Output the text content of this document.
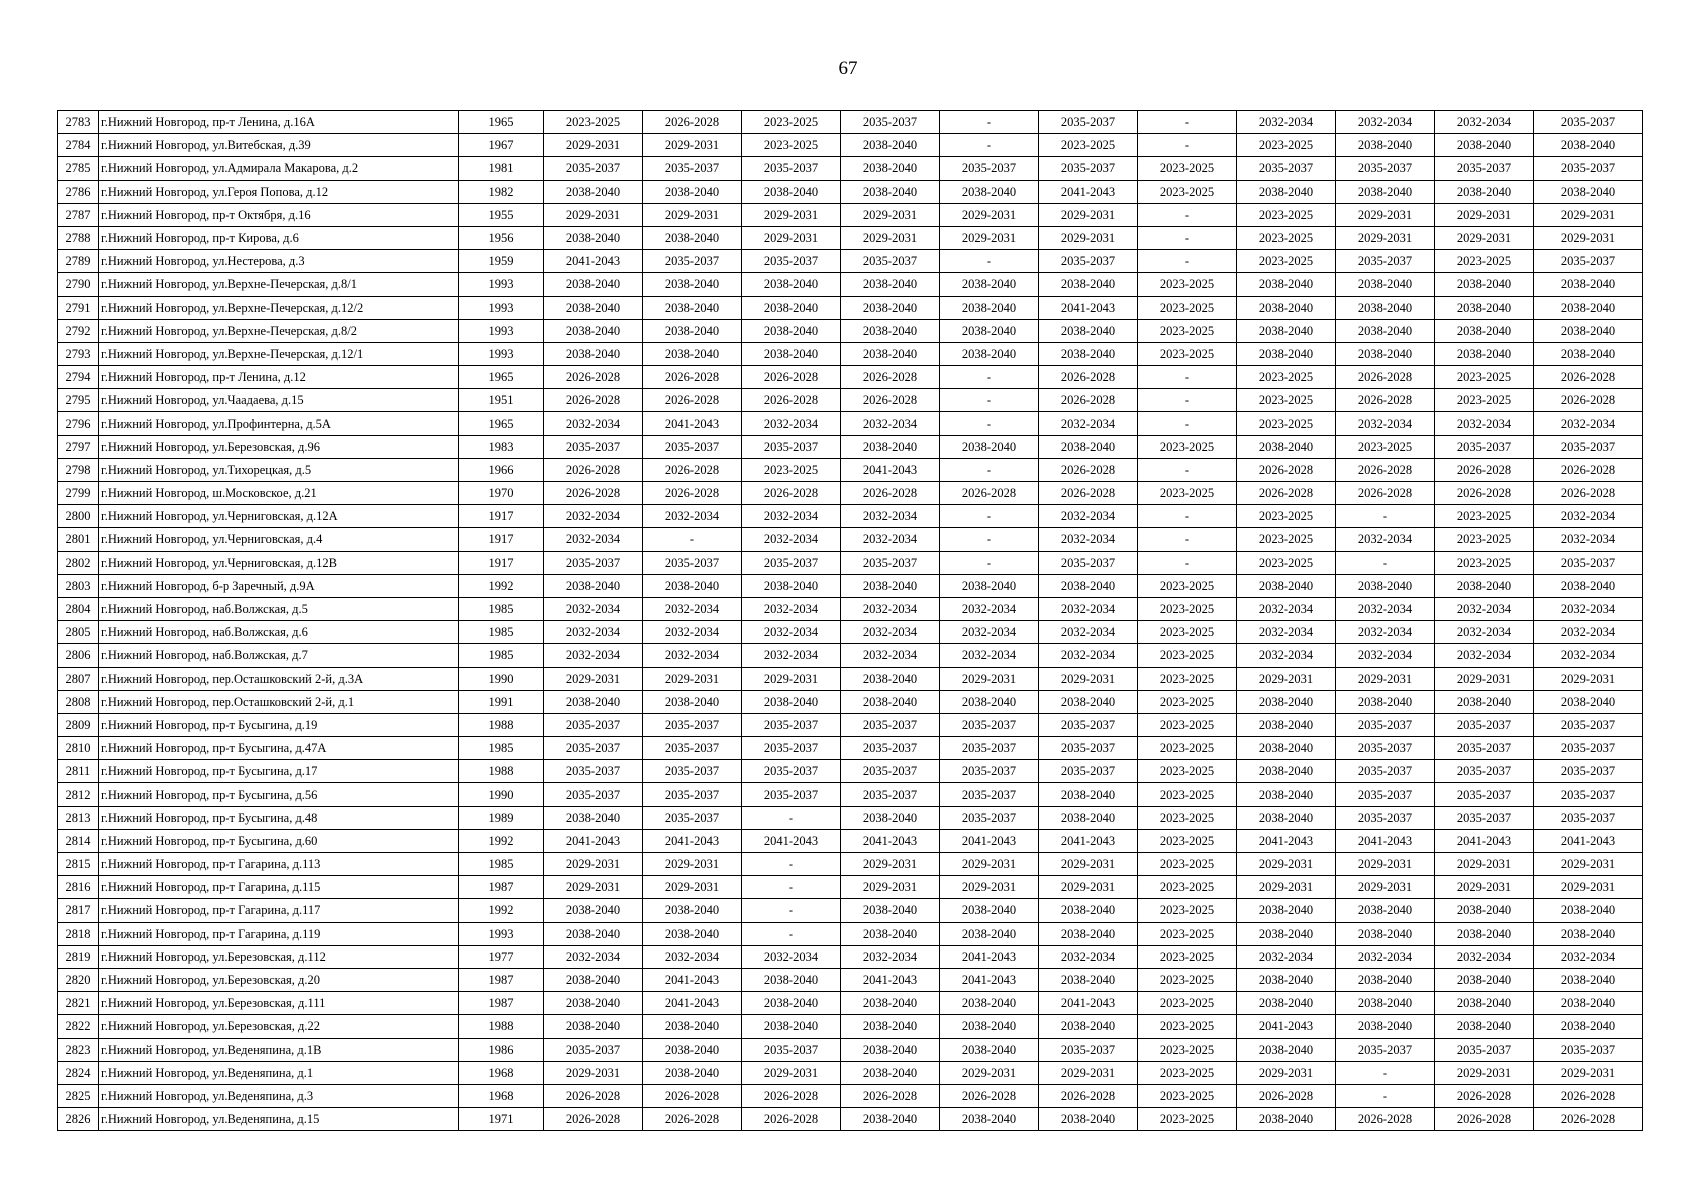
67
2783	г.Нижний Новгород, пр-т Ленина, д.16А	1965	2023-2025	2026-2028	2023-2025	2035-2037	-	2035-2037	-	2032-2034	2032-2034	2032-2034	2035-2037
2784	г.Нижний Новгород, ул.Витебская, д.39	1967	2029-2031	2029-2031	2023-2025	2038-2040	-	2023-2025	-	2023-2025	2038-2040	2038-2040	2038-2040
2785	г.Нижний Новгород, ул.Адмирала Макарова, д.2	1981	2035-2037	2035-2037	2035-2037	2038-2040	2035-2037	2035-2037	2023-2025	2035-2037	2035-2037	2035-2037	2035-2037
2786	г.Нижний Новгород, ул.Героя Попова, д.12	1982	2038-2040	2038-2040	2038-2040	2038-2040	2038-2040	2041-2043	2023-2025	2038-2040	2038-2040	2038-2040	2038-2040
2787	г.Нижний Новгород, пр-т Октября, д.16	1955	2029-2031	2029-2031	2029-2031	2029-2031	2029-2031	2029-2031	-	2023-2025	2029-2031	2029-2031	2029-2031
2788	г.Нижний Новгород, пр-т Кирова, д.6	1956	2038-2040	2038-2040	2029-2031	2029-2031	2029-2031	2029-2031	-	2023-2025	2029-2031	2029-2031	2029-2031
2789	г.Нижний Новгород, ул.Нестерова, д.3	1959	2041-2043	2035-2037	2035-2037	2035-2037	-	2035-2037	-	2023-2025	2035-2037	2023-2025	2035-2037
2790	г.Нижний Новгород, ул.Верхне-Печерская, д.8/1	1993	2038-2040	2038-2040	2038-2040	2038-2040	2038-2040	2038-2040	2023-2025	2038-2040	2038-2040	2038-2040	2038-2040
2791	г.Нижний Новгород, ул.Верхне-Печерская, д.12/2	1993	2038-2040	2038-2040	2038-2040	2038-2040	2038-2040	2041-2043	2023-2025	2038-2040	2038-2040	2038-2040	2038-2040
2792	г.Нижний Новгород, ул.Верхне-Печерская, д.8/2	1993	2038-2040	2038-2040	2038-2040	2038-2040	2038-2040	2038-2040	2023-2025	2038-2040	2038-2040	2038-2040	2038-2040
2793	г.Нижний Новгород, ул.Верхне-Печерская, д.12/1	1993	2038-2040	2038-2040	2038-2040	2038-2040	2038-2040	2038-2040	2023-2025	2038-2040	2038-2040	2038-2040	2038-2040
2794	г.Нижний Новгород, пр-т Ленина, д.12	1965	2026-2028	2026-2028	2026-2028	2026-2028	-	2026-2028	-	2023-2025	2026-2028	2023-2025	2026-2028
2795	г.Нижний Новгород, ул.Чаадаева, д.15	1951	2026-2028	2026-2028	2026-2028	2026-2028	-	2026-2028	-	2023-2025	2026-2028	2023-2025	2026-2028
2796	г.Нижний Новгород, ул.Профинтерна, д.5А	1965	2032-2034	2041-2043	2032-2034	2032-2034	-	2032-2034	-	2023-2025	2032-2034	2032-2034	2032-2034
2797	г.Нижний Новгород, ул.Березовская, д.96	1983	2035-2037	2035-2037	2035-2037	2038-2040	2038-2040	2038-2040	2023-2025	2038-2040	2023-2025	2035-2037	2035-2037
2798	г.Нижний Новгород, ул.Тихорецкая, д.5	1966	2026-2028	2026-2028	2023-2025	2041-2043	-	2026-2028	-	2026-2028	2026-2028	2026-2028	2026-2028
2799	г.Нижний Новгород, ш.Московское, д.21	1970	2026-2028	2026-2028	2026-2028	2026-2028	2026-2028	2026-2028	2023-2025	2026-2028	2026-2028	2026-2028	2026-2028
2800	г.Нижний Новгород, ул.Черниговская, д.12А	1917	2032-2034	2032-2034	2032-2034	2032-2034	-	2032-2034	-	2023-2025	-	2023-2025	2032-2034
2801	г.Нижний Новгород, ул.Черниговская, д.4	1917	2032-2034	-	2032-2034	2032-2034	-	2032-2034	-	2023-2025	2032-2034	2023-2025	2032-2034
2802	г.Нижний Новгород, ул.Черниговская, д.12В	1917	2035-2037	2035-2037	2035-2037	2035-2037	-	2035-2037	-	2023-2025	-	2023-2025	2035-2037
2803	г.Нижний Новгород, б-р Заречный, д.9А	1992	2038-2040	2038-2040	2038-2040	2038-2040	2038-2040	2038-2040	2023-2025	2038-2040	2038-2040	2038-2040	2038-2040
2804	г.Нижний Новгород, наб.Волжская, д.5	1985	2032-2034	2032-2034	2032-2034	2032-2034	2032-2034	2032-2034	2023-2025	2032-2034	2032-2034	2032-2034	2032-2034
2805	г.Нижний Новгород, наб.Волжская, д.6	1985	2032-2034	2032-2034	2032-2034	2032-2034	2032-2034	2032-2034	2023-2025	2032-2034	2032-2034	2032-2034	2032-2034
2806	г.Нижний Новгород, наб.Волжская, д.7	1985	2032-2034	2032-2034	2032-2034	2032-2034	2032-2034	2032-2034	2023-2025	2032-2034	2032-2034	2032-2034	2032-2034
2807	г.Нижний Новгород, пер.Осташковский 2-й, д.3А	1990	2029-2031	2029-2031	2029-2031	2038-2040	2029-2031	2029-2031	2023-2025	2029-2031	2029-2031	2029-2031	2029-2031
2808	г.Нижний Новгород, пер.Осташковский 2-й, д.1	1991	2038-2040	2038-2040	2038-2040	2038-2040	2038-2040	2038-2040	2023-2025	2038-2040	2038-2040	2038-2040	2038-2040
2809	г.Нижний Новгород, пр-т Бусыгина, д.19	1988	2035-2037	2035-2037	2035-2037	2035-2037	2035-2037	2035-2037	2023-2025	2038-2040	2035-2037	2035-2037	2035-2037
2810	г.Нижний Новгород, пр-т Бусыгина, д.47А	1985	2035-2037	2035-2037	2035-2037	2035-2037	2035-2037	2035-2037	2023-2025	2038-2040	2035-2037	2035-2037	2035-2037
2811	г.Нижний Новгород, пр-т Бусыгина, д.17	1988	2035-2037	2035-2037	2035-2037	2035-2037	2035-2037	2035-2037	2023-2025	2038-2040	2035-2037	2035-2037	2035-2037
2812	г.Нижний Новгород, пр-т Бусыгина, д.56	1990	2035-2037	2035-2037	2035-2037	2035-2037	2035-2037	2038-2040	2023-2025	2038-2040	2035-2037	2035-2037	2035-2037
2813	г.Нижний Новгород, пр-т Бусыгина, д.48	1989	2038-2040	2035-2037	-	2038-2040	2035-2037	2038-2040	2023-2025	2038-2040	2035-2037	2035-2037	2035-2037
2814	г.Нижний Новгород, пр-т Бусыгина, д.60	1992	2041-2043	2041-2043	2041-2043	2041-2043	2041-2043	2041-2043	2023-2025	2041-2043	2041-2043	2041-2043	2041-2043
2815	г.Нижний Новгород, пр-т Гагарина, д.113	1985	2029-2031	2029-2031	-	2029-2031	2029-2031	2029-2031	2023-2025	2029-2031	2029-2031	2029-2031	2029-2031
2816	г.Нижний Новгород, пр-т Гагарина, д.115	1987	2029-2031	2029-2031	-	2029-2031	2029-2031	2029-2031	2023-2025	2029-2031	2029-2031	2029-2031	2029-2031
2817	г.Нижний Новгород, пр-т Гагарина, д.117	1992	2038-2040	2038-2040	-	2038-2040	2038-2040	2038-2040	2023-2025	2038-2040	2038-2040	2038-2040	2038-2040
2818	г.Нижний Новгород, пр-т Гагарина, д.119	1993	2038-2040	2038-2040	-	2038-2040	2038-2040	2038-2040	2023-2025	2038-2040	2038-2040	2038-2040	2038-2040
2819	г.Нижний Новгород, ул.Березовская, д.112	1977	2032-2034	2032-2034	2032-2034	2032-2034	2041-2043	2032-2034	2023-2025	2032-2034	2032-2034	2032-2034	2032-2034
2820	г.Нижний Новгород, ул.Березовская, д.20	1987	2038-2040	2041-2043	2038-2040	2041-2043	2041-2043	2038-2040	2023-2025	2038-2040	2038-2040	2038-2040	2038-2040
2821	г.Нижний Новгород, ул.Березовская, д.111	1987	2038-2040	2041-2043	2038-2040	2038-2040	2038-2040	2041-2043	2023-2025	2038-2040	2038-2040	2038-2040	2038-2040
2822	г.Нижний Новгород, ул.Березовская, д.22	1988	2038-2040	2038-2040	2038-2040	2038-2040	2038-2040	2038-2040	2023-2025	2041-2043	2038-2040	2038-2040	2038-2040
2823	г.Нижний Новгород, ул.Веденяпина, д.1В	1986	2035-2037	2038-2040	2035-2037	2038-2040	2038-2040	2035-2037	2023-2025	2038-2040	2035-2037	2035-2037	2035-2037
2824	г.Нижний Новгород, ул.Веденяпина, д.1	1968	2029-2031	2038-2040	2029-2031	2038-2040	2029-2031	2029-2031	2023-2025	2029-2031	-	2029-2031	2029-2031
2825	г.Нижний Новгород, ул.Веденяпина, д.3	1968	2026-2028	2026-2028	2026-2028	2026-2028	2026-2028	2026-2028	2023-2025	2026-2028	-	2026-2028	2026-2028
2826	г.Нижний Новгород, ул.Веденяпина, д.15	1971	2026-2028	2026-2028	2026-2028	2038-2040	2038-2040	2038-2040	2023-2025	2038-2040	2026-2028	2026-2028	2026-2028
